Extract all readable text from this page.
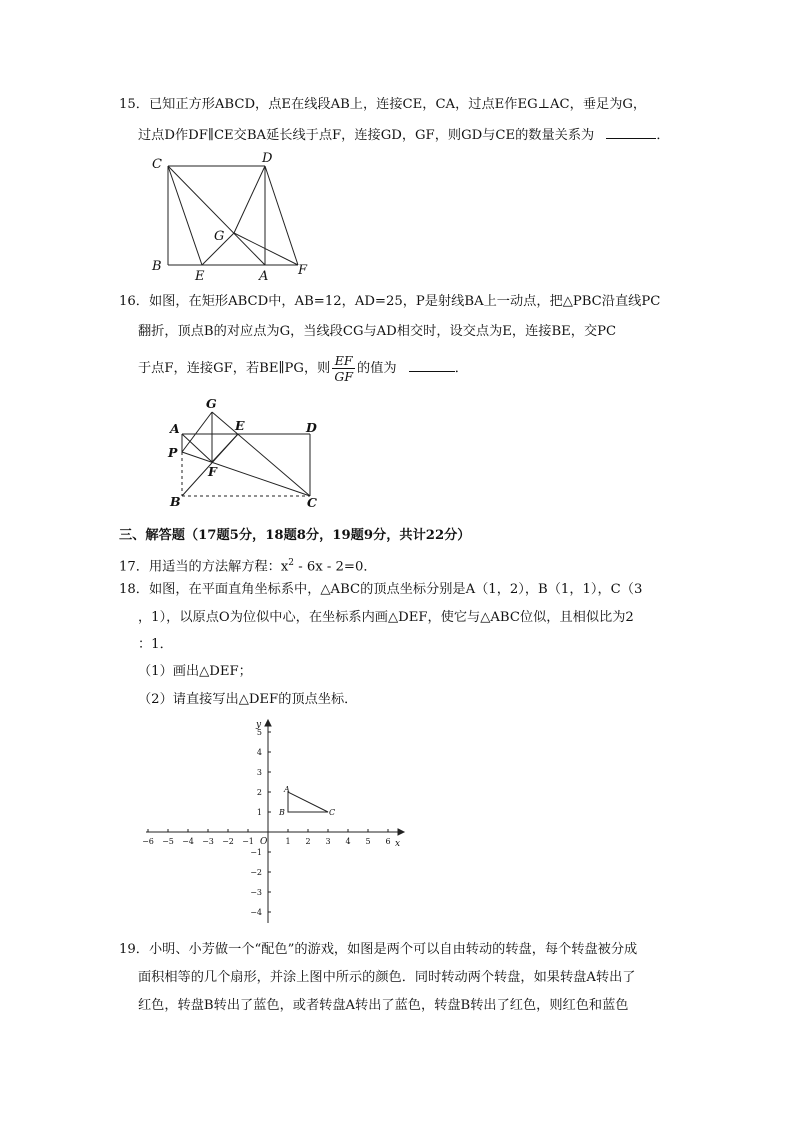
15．已知正方形ABCD，点E在线段AB上，连接CE，CA，过点E作EG⊥AC，垂足为G，
过点D作DF∥CE交BA延长线于点F，连接GD，GF，则GD与CE的数量关系为	．
C	D
G
B
E	A F
16．如图，在矩形ABCD中，AB=12，AD=25，P是射线BA上一动点，把△PBC沿直线PC
翻折，顶点B的对应点为G，当线段CG与AD相交时，设交点为E，连接BE，交PC
于点F，连接GF，若BE∥PG，则 $\frac{EF}{GF}$ 的值为	．
G
A	E	D
P
F
B	C
三、解答题（17题5分，18题8分，19题9分，共计22分）
17．用适当的方法解方程：$x^2 - 6x - 2=0$．
18．如图，在平面直角坐标系中，△ABC的顶点坐标分别是A（1，2），B（1，1），C（3
，1），以原点O为位似中心，在坐标系内画△DEF，使它与△ABC位似，且相似比为2
：1．
（1）画出△DEF；
（2）请直接写出△DEF的顶点坐标．
−6 −5 −4 −3 −2 −1	1 2 3 4 5 6
5
4
3
2
1
−1
−2
−3
−4
x
y
O
A
B	C
19．小明、小芳做一个“配色”的游戏，如图是两个可以自由转动的转盘，每个转盘被分成
面积相等的几个扇形，并涂上图中所示的颜色．同时转动两个转盘，如果转盘A转出了
红色，转盘B转出了蓝色，或者转盘A转出了蓝色，转盘B转出了红色，则红色和蓝色
